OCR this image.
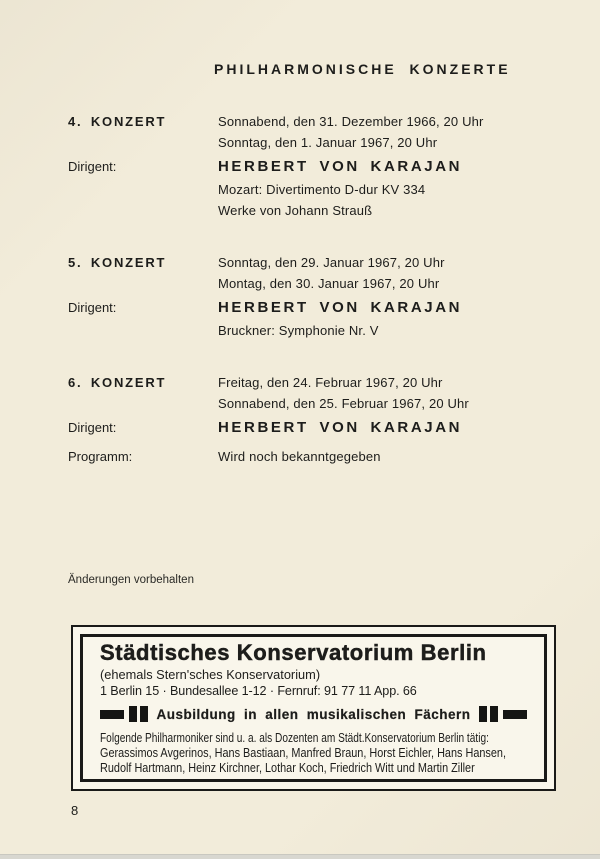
PHILHARMONISCHE KONZERTE
4. KONZERT	Sonnabend, den 31. Dezember 1966, 20 Uhr
Sonntag, den 1. Januar 1967, 20 Uhr
Dirigent:	HERBERT VON KARAJAN
Mozart: Divertimento D-dur KV 334
Werke von Johann Strauß
5. KONZERT	Sonntag, den 29. Januar 1967, 20 Uhr
Montag, den 30. Januar 1967, 20 Uhr
Dirigent:	HERBERT VON KARAJAN
Bruckner: Symphonie Nr. V
6. KONZERT	Freitag, den 24. Februar 1967, 20 Uhr
Sonnabend, den 25. Februar 1967, 20 Uhr
Dirigent:	HERBERT VON KARAJAN
Programm:	Wird noch bekanntgegeben
Änderungen vorbehalten
Städtisches Konservatorium Berlin
(ehemals Stern'sches Konservatorium)
1 Berlin 15 · Bundesallee 1-12 · Fernruf: 91 77 11 App. 66
Ausbildung in allen musikalischen Fächern
Folgende Philharmoniker sind u. a. als Dozenten am Städt.Konservatorium Berlin tätig:
Gerassimos Avgerinos, Hans Bastiaan, Manfred Braun, Horst Eichler, Hans Hansen,
Rudolf Hartmann, Heinz Kirchner, Lothar Koch, Friedrich Witt und Martin Ziller
8
